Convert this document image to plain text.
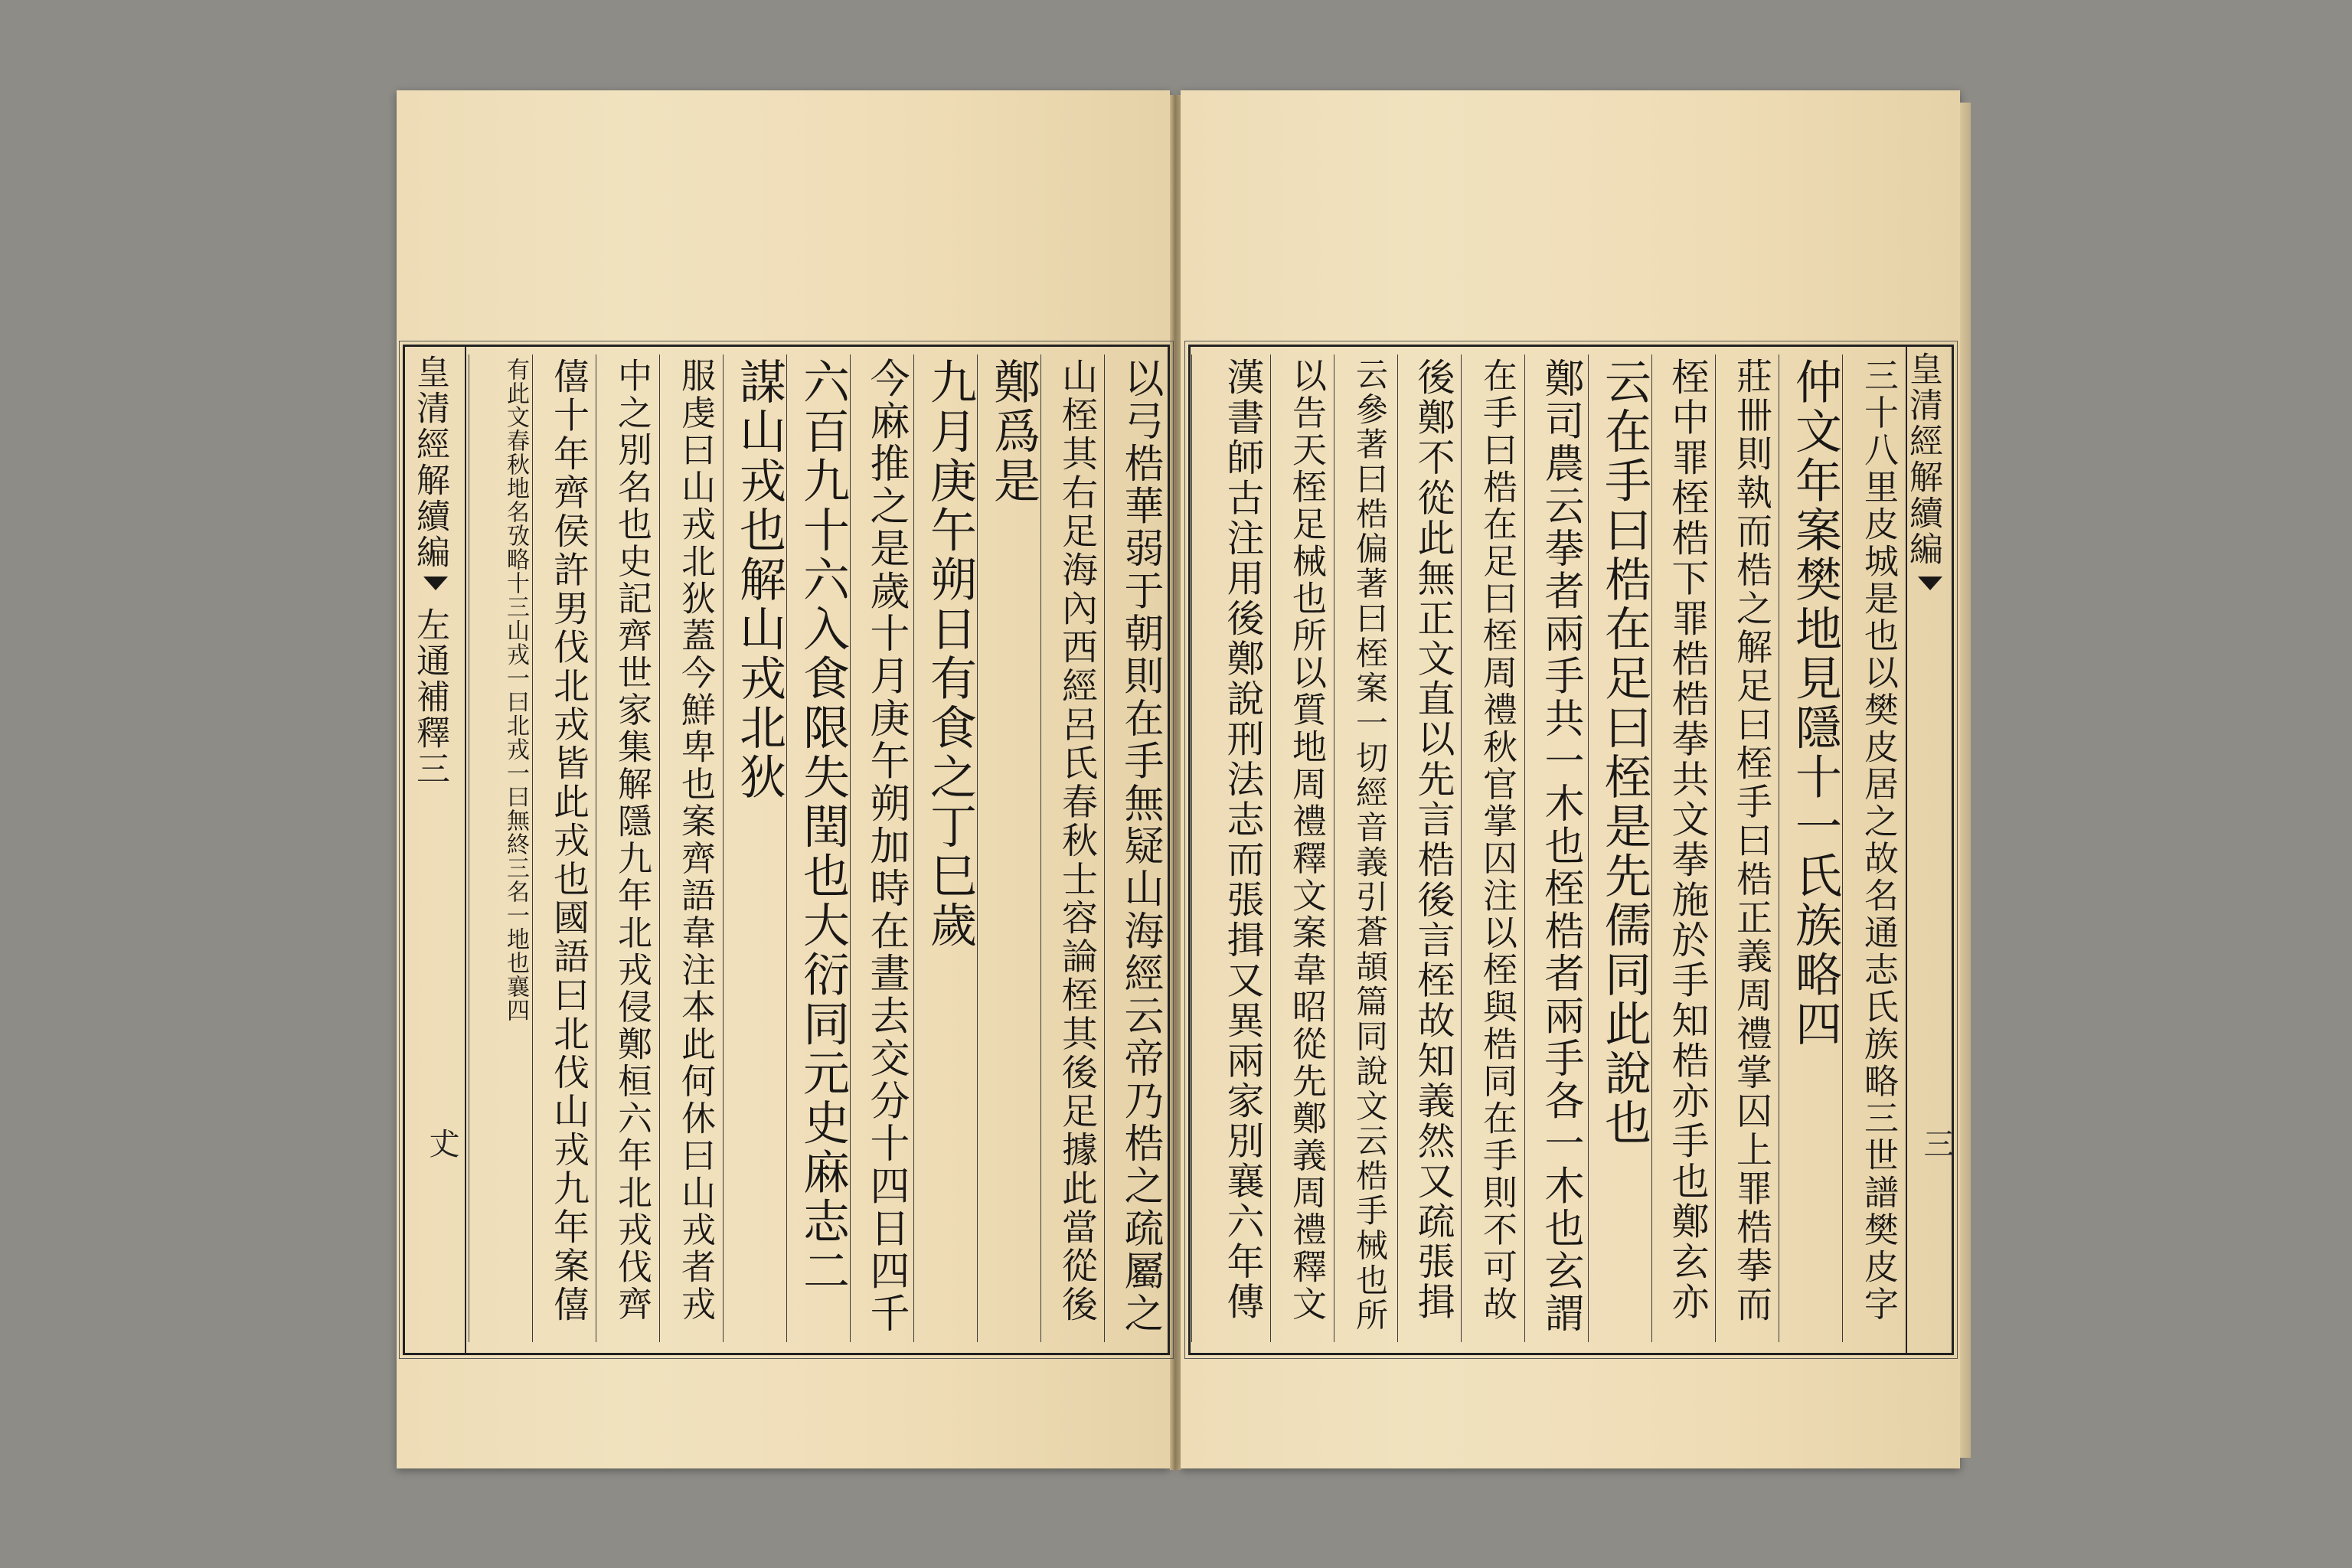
以弓梏華弱于朝則在手無疑山海經云帝乃梏之疏屬之
山桎其右足海內西經呂氏春秋士容論桎其後足據此當從後
鄭爲是
九月庚午朔日有食之丁巳歲
今麻推之是歲十月庚午朔加時在晝去交分十四日四千
六百九十六入食限失閏也大衍同元史麻志二
謀山戎也解山戎北狄
服虔曰山戎北狄蓋今鮮卑也案齊語韋注本此何休曰山戎者戎
中之別名也史記齊世家集解隱九年北戎侵鄭桓六年北戎伐齊
僖十年齊侯許男伐北戎皆此戎也國語曰北伐山戎九年案僖
有此文春秋地名攷略十三山戎一曰北戎一曰無終三名一地也襄四
皇清經解續編
左通補釋三
𠀋
皇清經解續編
三
三十八里皮城是也以樊皮居之故名通志氏族略三世譜樊皮字
仲文年案樊地見隱十一氏族略四
莊卌則執而梏之解足曰桎手曰梏正義周禮掌囚上罪梏拲而
桎中罪桎梏下罪梏梏拲共文拲施於手知梏亦手也鄭玄亦
云在手曰梏在足曰桎是先儒同此說也
鄭司農云拲者兩手共一木也桎梏者兩手各一木也玄謂
在手曰梏在足曰桎周禮秋官掌囚注以桎與梏同在手則不可故
後鄭不從此無正文直以先言梏後言桎故知義然又疏張揖
云參著曰梏偏著曰桎案一切經音義引蒼頡篇同說文云梏手械也所
以告天桎足械也所以質地周禮釋文案韋昭從先鄭義周禮釋文
漢書師古注用後鄭說刑法志而張揖又異兩家別襄六年傳
